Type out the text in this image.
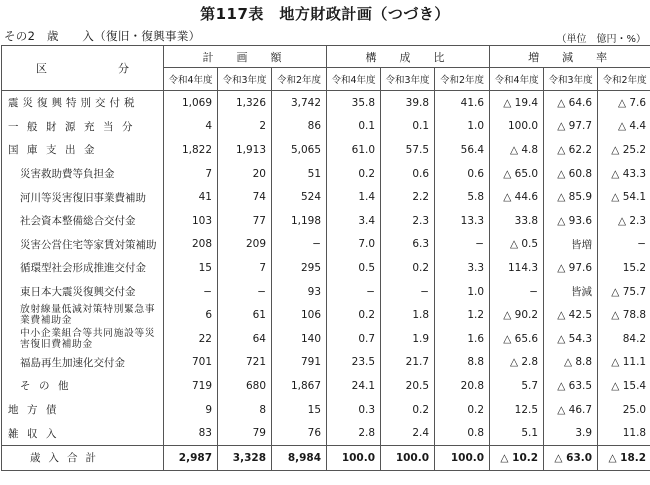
第117表　地方財政計画（つづき）
その2　歳　　入（復旧・復興事業）	（単位　億円・%）
区　分	計　画　額			構　成　比			増　減　率		
	令和4年度	令和3年度	令和2年度	令和4年度	令和3年度	令和2年度	令和4年度	令和3年度	令和2年度
震災復興特別交付税	1,069	1,326	3,742	35.8	39.8	41.6	△ 19.4	△ 64.6	△ 7.6
一般財源充当分	4	2	86	0.1	0.1	1.0	100.0	△ 97.7	△ 4.4
国庫支出金	1,822	1,913	5,065	61.0	57.5	56.4	△ 4.8	△ 62.2	△ 25.2
災害救助費等負担金	7	20	51	0.2	0.6	0.6	△ 65.0	△ 60.8	△ 43.3
河川等災害復旧事業費補助	41	74	524	1.4	2.2	5.8	△ 44.6	△ 85.9	△ 54.1
社会資本整備総合交付金	103	77	1,198	3.4	2.3	13.3	33.8	△ 93.6	△ 2.3
災害公営住宅等家賃対策補助	208	209	−	7.0	6.3	−	△ 0.5	皆増	−
循環型社会形成推進交付金	15	7	295	0.5	0.2	3.3	114.3	△ 97.6	15.2
東日本大震災復興交付金	−	−	93	−	−	1.0	−	皆減	△ 75.7
放射線量低減対策特別緊急事業費補助金	6	61	106	0.2	1.8	1.2	△ 90.2	△ 42.5	△ 78.8
中小企業組合等共同施設等災害復旧費補助金	22	64	140	0.7	1.9	1.6	△ 65.6	△ 54.3	84.2
福島再生加速化交付金	701	721	791	23.5	21.7	8.8	△ 2.8	△ 8.8	△ 11.1
その他	719	680	1,867	24.1	20.5	20.8	5.7	△ 63.5	△ 15.4
地方債	9	8	15	0.3	0.2	0.2	12.5	△ 46.7	25.0
雑収入	83	79	76	2.8	2.4	0.8	5.1	3.9	11.8
歳入合計	2,987	3,328	8,984	100.0	100.0	100.0	△ 10.2	△ 63.0	△ 18.2
